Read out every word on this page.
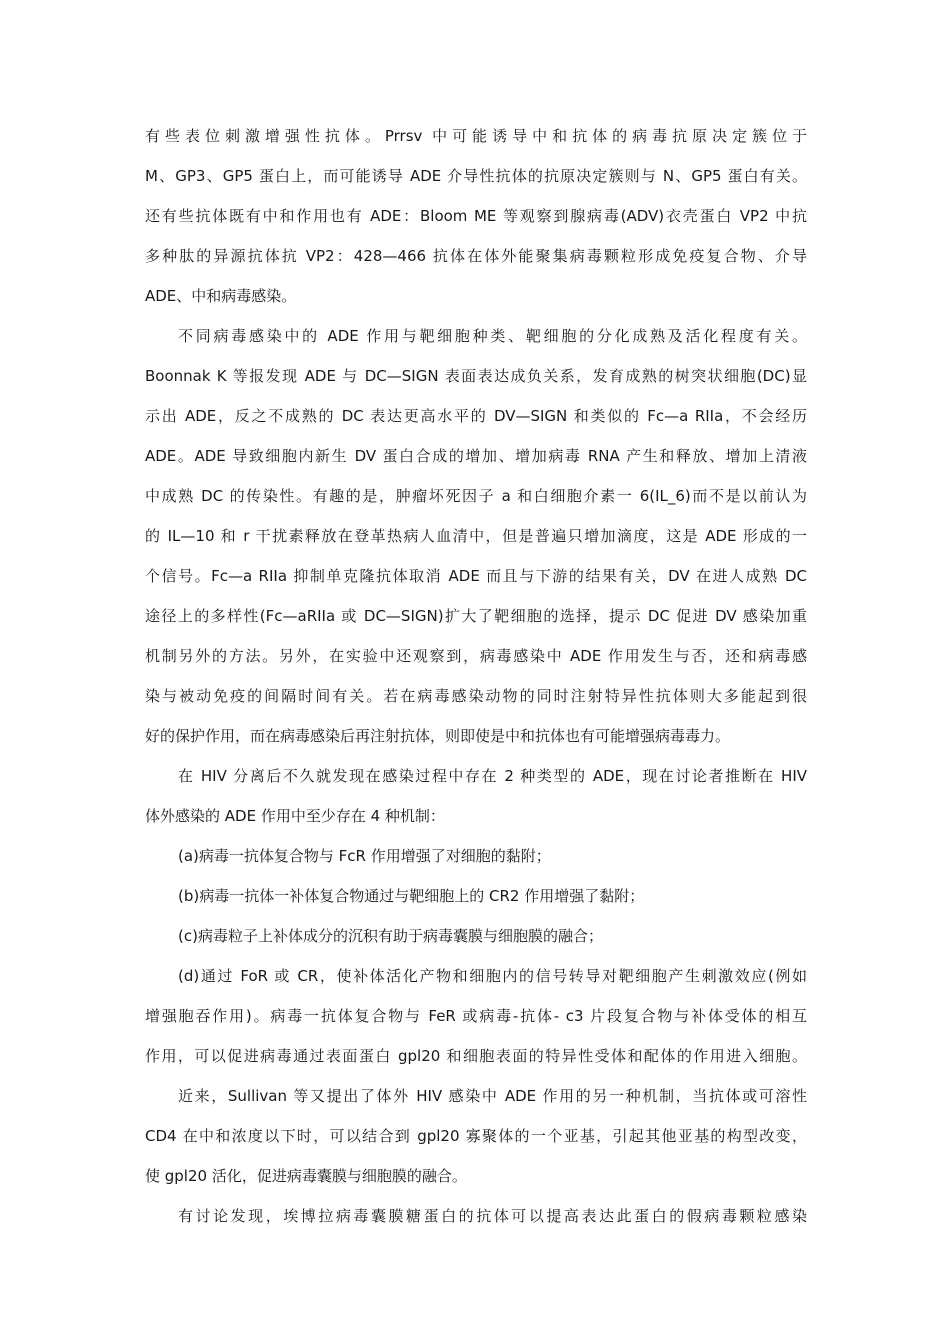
有些表位刺激增强性抗体。Prrsv 中可能诱导中和抗体的病毒抗原决定簇位于
M、GP3、GP5 蛋白上，而可能诱导 ADE 介导性抗体的抗原决定簇则与 N、GP5 蛋白有关。
还有些抗体既有中和作用也有 ADE：Bloom ME 等观察到腺病毒(ADV)衣壳蛋白 VP2 中抗
多种肽的异源抗体抗 VP2：428—466 抗体在体外能聚集病毒颗粒形成免疫复合物、介导
ADE、中和病毒感染。
不同病毒感染中的 ADE 作用与靶细胞种类、靶细胞的分化成熟及活化程度有关。
Boonnak K 等报发现 ADE 与 DC—SIGN 表面表达成负关系，发育成熟的树突状细胞(DC)显
示出 ADE，反之不成熟的 DC 表达更高水平的 DV—SIGN 和类似的 Fc—a RIIa，不会经历
ADE。ADE 导致细胞内新生 DV 蛋白合成的增加、增加病毒 RNA 产生和释放、增加上清液
中成熟 DC 的传染性。有趣的是，肿瘤坏死因子 a 和白细胞介素一 6(IL_6)而不是以前认为
的 IL—10 和 r 干扰素释放在登革热病人血清中，但是普遍只增加滴度，这是 ADE 形成的一
个信号。Fc—a RIIa 抑制单克隆抗体取消 ADE 而且与下游的结果有关，DV 在进人成熟 DC
途径上的多样性(Fc—aRIIa 或 DC—SIGN)扩大了靶细胞的选择，提示 DC 促进 DV 感染加重
机制另外的方法。另外，在实验中还观察到，病毒感染中 ADE 作用发生与否，还和病毒感
染与被动免疫的间隔时间有关。若在病毒感染动物的同时注射特异性抗体则大多能起到很
好的保护作用，而在病毒感染后再注射抗体，则即使是中和抗体也有可能增强病毒毒力。
在 HIV 分离后不久就发现在感染过程中存在 2 种类型的 ADE，现在讨论者推断在 HIV
体外感染的 ADE 作用中至少存在 4 种机制：
(a)病毒一抗体复合物与 FcR 作用增强了对细胞的黏附；
(b)病毒一抗体一补体复合物通过与靶细胞上的 CR2 作用增强了黏附；
(c)病毒粒子上补体成分的沉积有助于病毒囊膜与细胞膜的融合；
(d)通过 FoR 或 CR，使补体活化产物和细胞内的信号转导对靶细胞产生刺激效应(例如
增强胞吞作用)。病毒一抗体复合物与 FeR 或病毒-抗体- c3 片段复合物与补体受体的相互
作用，可以促进病毒通过表面蛋白 gpl20 和细胞表面的特异性受体和配体的作用进入细胞。
近来，Sullivan 等又提出了体外 HIV 感染中 ADE 作用的另一种机制，当抗体或可溶性
CD4 在中和浓度以下时，可以结合到 gpl20 寡聚体的一个亚基，引起其他亚基的构型改变，
使 gpl20 活化，促进病毒囊膜与细胞膜的融合。
有讨论发现，埃博拉病毒囊膜糖蛋白的抗体可以提高表达此蛋白的假病毒颗粒感染
